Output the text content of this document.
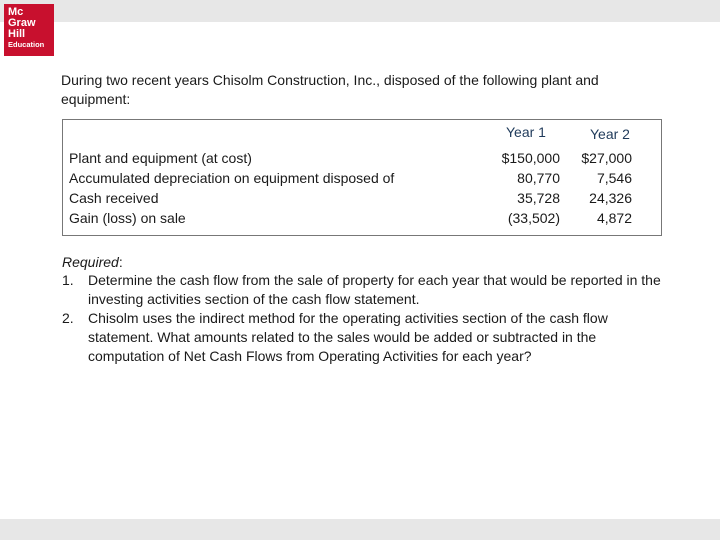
Mc
Graw
Hill
Education
During two recent years Chisolm Construction, Inc., disposed of the following plant and equipment:
Year 1	Year 2
Plant and equipment (at cost)	$150,000 $27,000
Accumulated depreciation on equipment disposed of	80,770	7,546
Cash received	35,728 24,326
Gain (loss) on sale	(33,502)	4,872
Required:

1. Determine the cash flow from the sale of property for each year that would be reported in the investing activities section of the cash flow statement.

2. Chisolm uses the indirect method for the operating activities section of the cash flow statement. What amounts related to the sales would be added or subtracted in the computation of Net Cash Flows from Operating Activities for each year?
